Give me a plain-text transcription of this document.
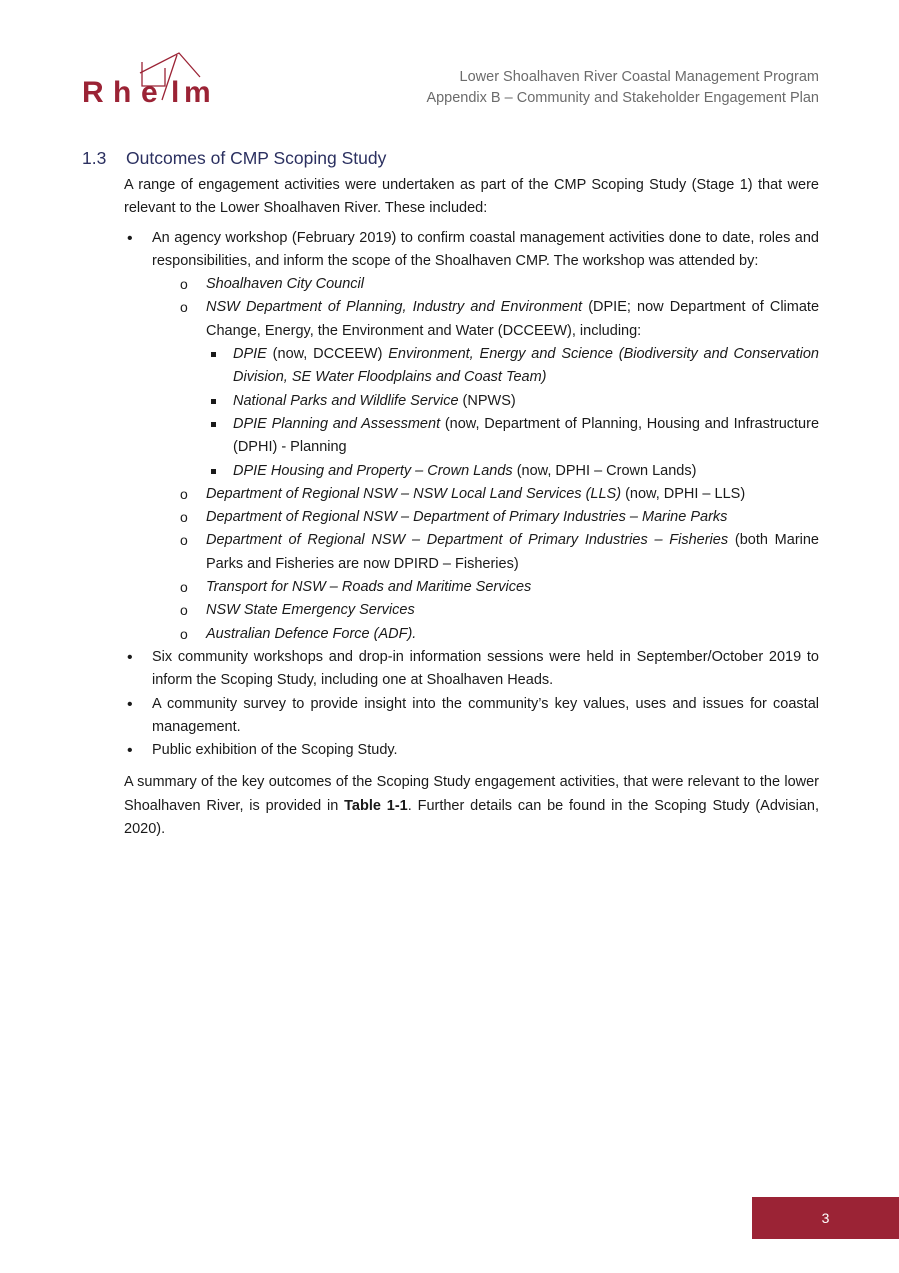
R h e l m	Lower Shoalhaven River Coastal Management Program
Appendix B – Community and Stakeholder Engagement Plan
1.3 Outcomes of CMP Scoping Study

A range of engagement activities were undertaken as part of the CMP Scoping Study (Stage 1) that were relevant to the Lower Shoalhaven River. These included:

• An agency workshop (February 2019) to confirm coastal management activities done to date, roles and responsibilities, and inform the scope of the Shoalhaven CMP. The workshop was attended by:
o Shoalhaven City Council
o NSW Department of Planning, Industry and Environment (DPIE; now Department of Climate Change, Energy, the Environment and Water (DCCEEW), including:
DPIE (now, DCCEEW) Environment, Energy and Science (Biodiversity and Conservation Division, SE Water Floodplains and Coast Team)
National Parks and Wildlife Service (NPWS)
DPIE Planning and Assessment (now, Department of Planning, Housing and Infrastructure (DPHI) - Planning
DPIE Housing and Property – Crown Lands (now, DPHI – Crown Lands)
o Department of Regional NSW – NSW Local Land Services (LLS) (now, DPHI – LLS)
o Department of Regional NSW – Department of Primary Industries – Marine Parks
o Department of Regional NSW – Department of Primary Industries – Fisheries (both Marine Parks and Fisheries are now DPIRD – Fisheries)
o Transport for NSW – Roads and Maritime Services
o NSW State Emergency Services
o Australian Defence Force (ADF).
• Six community workshops and drop-in information sessions were held in September/October 2019 to inform the Scoping Study, including one at Shoalhaven Heads.
• A community survey to provide insight into the community’s key values, uses and issues for coastal management.
• Public exhibition of the Scoping Study.

A summary of the key outcomes of the Scoping Study engagement activities, that were relevant to the lower Shoalhaven River, is provided in Table 1-1. Further details can be found in the Scoping Study (Advisian, 2020).

3
